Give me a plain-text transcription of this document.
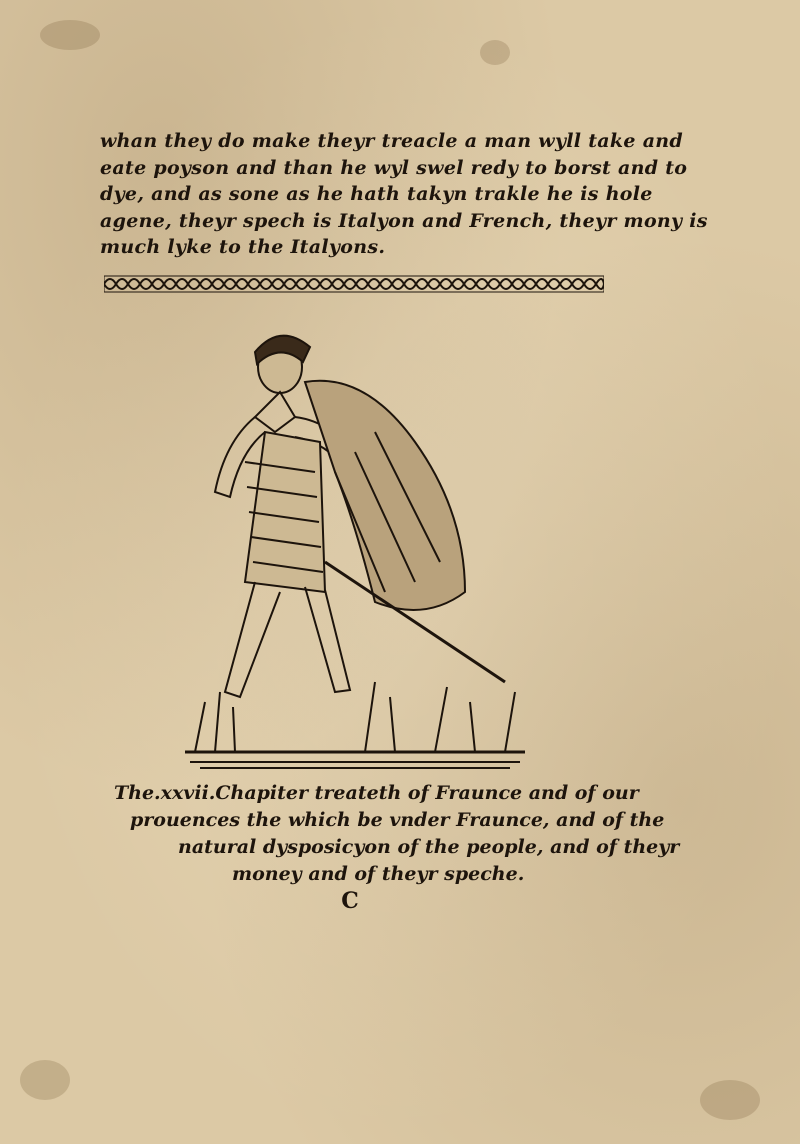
whan they do make theyr treacle a man wyll take and

eate poyson and than he wyl swel redy to borst and to

dye, and as sone as he hath takyn trakle he is hole

agene, theyr spech is Italyon and French, theyr mony is

much lyke to the Italyons.

The.xxvii.Chapiter treateth of Fraunce and of our

prouences the which be vnder Fraunce, and of the

natural dysposicyon of the people, and of theyr

money and of theyr speche.

C
